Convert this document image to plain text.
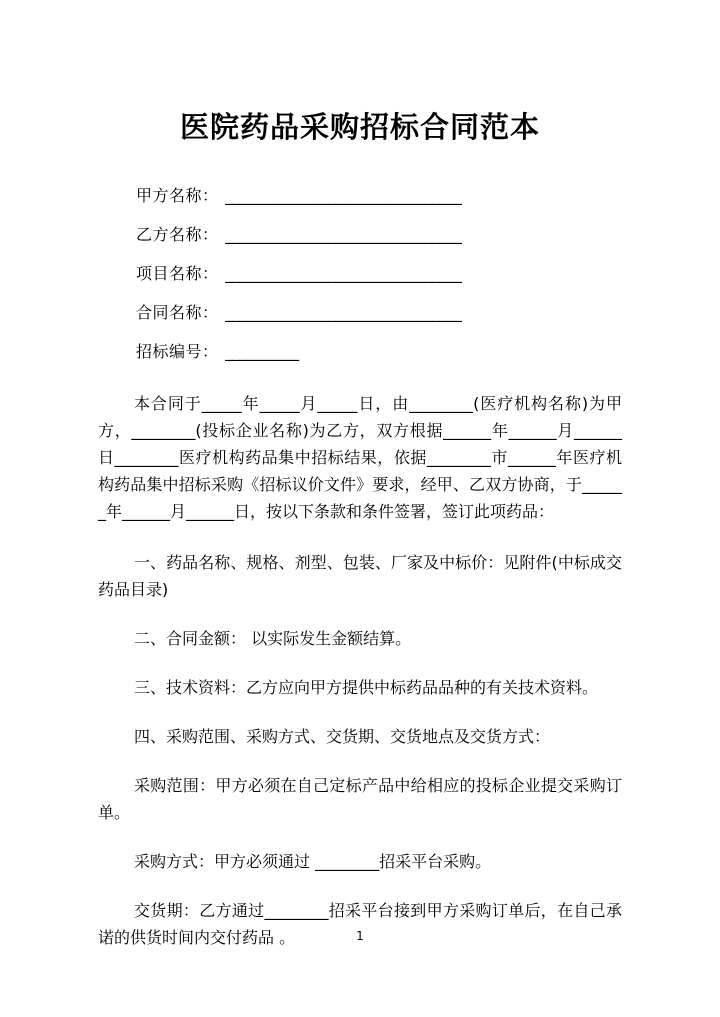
医院药品采购招标合同范本
甲方名称： ________________________________
乙方名称： ________________________________
项目名称： ________________________________
合同名称： ________________________________
招标编号： __________

本合同于_____年_____月_____日，由________(医疗机构名称)为甲方，________(投标企业名称)为乙方，双方根据______年______月______日________医疗机构药品集中招标结果，依据________市______年医疗机构药品集中招标采购《招标议价文件》要求，经甲、乙双方协商，于______年______月______日，按以下条款和条件签署，签订此项药品：

一、药品名称、规格、剂型、包装、厂家及中标价：见附件(中标成交药品目录)

二、合同金额： 以实际发生金额结算。

三、技术资料：乙方应向甲方提供中标药品品种的有关技术资料。

四、采购范围、采购方式、交货期、交货地点及交货方式：

采购范围：甲方必须在自己定标产品中给相应的投标企业提交采购订单。

采购方式：甲方必须通过 ________招采平台采购。

交货期：乙方通过________招采平台接到甲方采购订单后，在自己承诺的供货时间内交付药品 。	1
